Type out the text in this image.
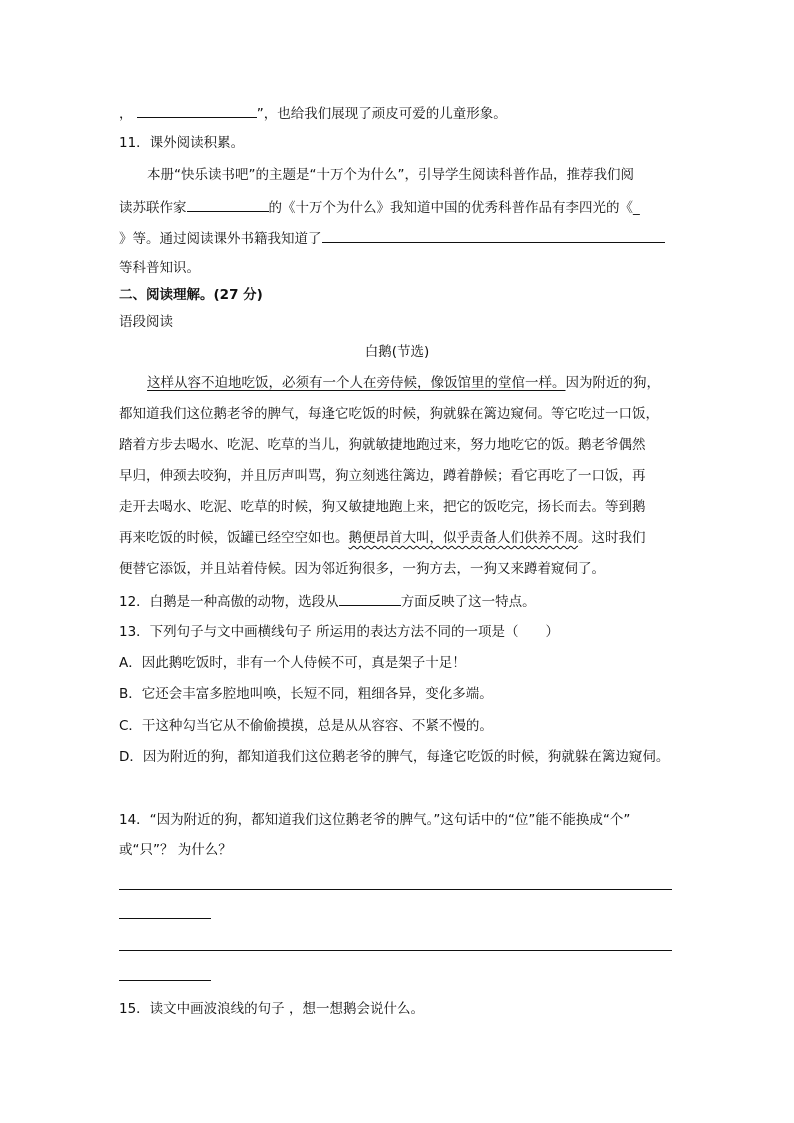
，	”，也给我们展现了顽皮可爱的儿童形象。
11．课外阅读积累。
本册“快乐读书吧”的主题是“十万个为什么”，引导学生阅读科普作品，推荐我们阅
读苏联作家	的《十万个为什么》我知道中国的优秀科普作品有李四光的《_
》等。通过阅读课外书籍我知道了
等科普知识。
二、阅读理解。(27 分)
语段阅读
白鹅(节选)
这样从容不迫地吃饭，必须有一个人在旁侍候，像饭馆里的堂倌一样。因为附近的狗，
都知道我们这位鹅老爷的脾气，每逢它吃饭的时候，狗就躲在篱边窥伺。等它吃过一口饭，
踏着方步去喝水、吃泥、吃草的当儿，狗就敏捷地跑过来，努力地吃它的饭。鹅老爷偶然
早归，伸颈去咬狗，并且厉声叫骂，狗立刻逃往篱边，蹲着静候；看它再吃了一口饭，再
走开去喝水、吃泥、吃草的时候，狗又敏捷地跑上来，把它的饭吃完，扬长而去。等到鹅
再来吃饭的时候，饭罐已经空空如也。鹅便昂首大叫，似乎责备人们供养不周。这时我们
便替它添饭，并且站着侍候。因为邻近狗很多，一狗方去，一狗又来蹲着窥伺了。
12．白鹅是一种高傲的动物，选段从	方面反映了这一特点。
13．下列句子与文中画横线句子 所运用的表达方法不同的一项是（　　）
A．因此鹅吃饭时，非有一个人侍候不可，真是架子十足！
B．它还会丰富多腔地叫唤，长短不同，粗细各异，变化多端。
C．干这种勾当它从不偷偷摸摸，总是从从容容、不紧不慢的。
D．因为附近的狗，都知道我们这位鹅老爷的脾气，每逢它吃饭的时候，狗就躲在篱边窥伺。
14．“因为附近的狗，都知道我们这位鹅老爷的脾气。”这句话中的“位”能不能换成“个”
或“只”？ 为什么？
15．读文中画波浪线的句子 ，想一想鹅会说什么。
